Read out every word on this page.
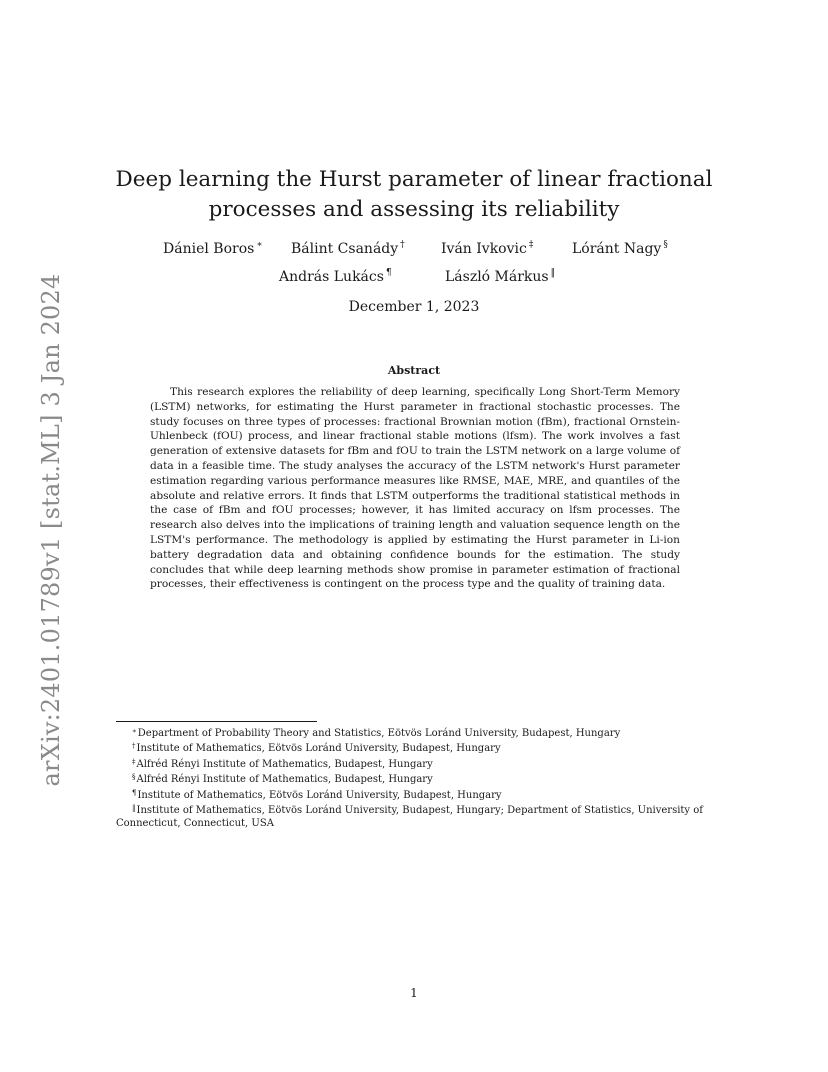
arXiv:2401.01789v1 [stat.ML] 3 Jan 2024
Deep learning the Hurst parameter of linear fractional processes and assessing its reliability
Dániel Boros ∗ Bálint Csanády †	Iván Ivkovic ‡	Lóránt Nagy §
András Lukács ¶	László Márkus ‖
December 1, 2023
Abstract

This research explores the reliability of deep learning, specifically Long Short-Term Memory (LSTM) networks, for estimating the Hurst parameter in fractional stochastic processes. The study focuses on three types of processes: fractional Brownian motion (fBm), fractional Ornstein-Uhlenbeck (fOU) process, and linear fractional stable motions (lfsm). The work involves a fast generation of extensive datasets for fBm and fOU to train the LSTM network on a large volume of data in a feasible time. The study analyses the accuracy of the LSTM network's Hurst parameter estimation regarding various performance measures like RMSE, MAE, MRE, and quantiles of the absolute and relative errors. It finds that LSTM outperforms the traditional statistical methods in the case of fBm and fOU processes; however, it has limited accuracy on lfsm processes. The research also delves into the implications of training length and valuation sequence length on the LSTM's performance. The methodology is applied by estimating the Hurst parameter in Li-ion battery degradation data and obtaining confidence bounds for the estimation. The study concludes that while deep learning methods show promise in parameter estimation of fractional processes, their effectiveness is contingent on the process type and the quality of training data.

∗Department of Probability Theory and Statistics, Eötvös Loránd University, Budapest, Hungary
†Institute of Mathematics, Eötvös Loránd University, Budapest, Hungary
‡Alfréd Rényi Institute of Mathematics, Budapest, Hungary
§Alfréd Rényi Institute of Mathematics, Budapest, Hungary
¶Institute of Mathematics, Eötvös Loránd University, Budapest, Hungary
‖Institute of Mathematics, Eötvös Loránd University, Budapest, Hungary; Department of Statistics, University of Connecticut, Connecticut, USA
1
